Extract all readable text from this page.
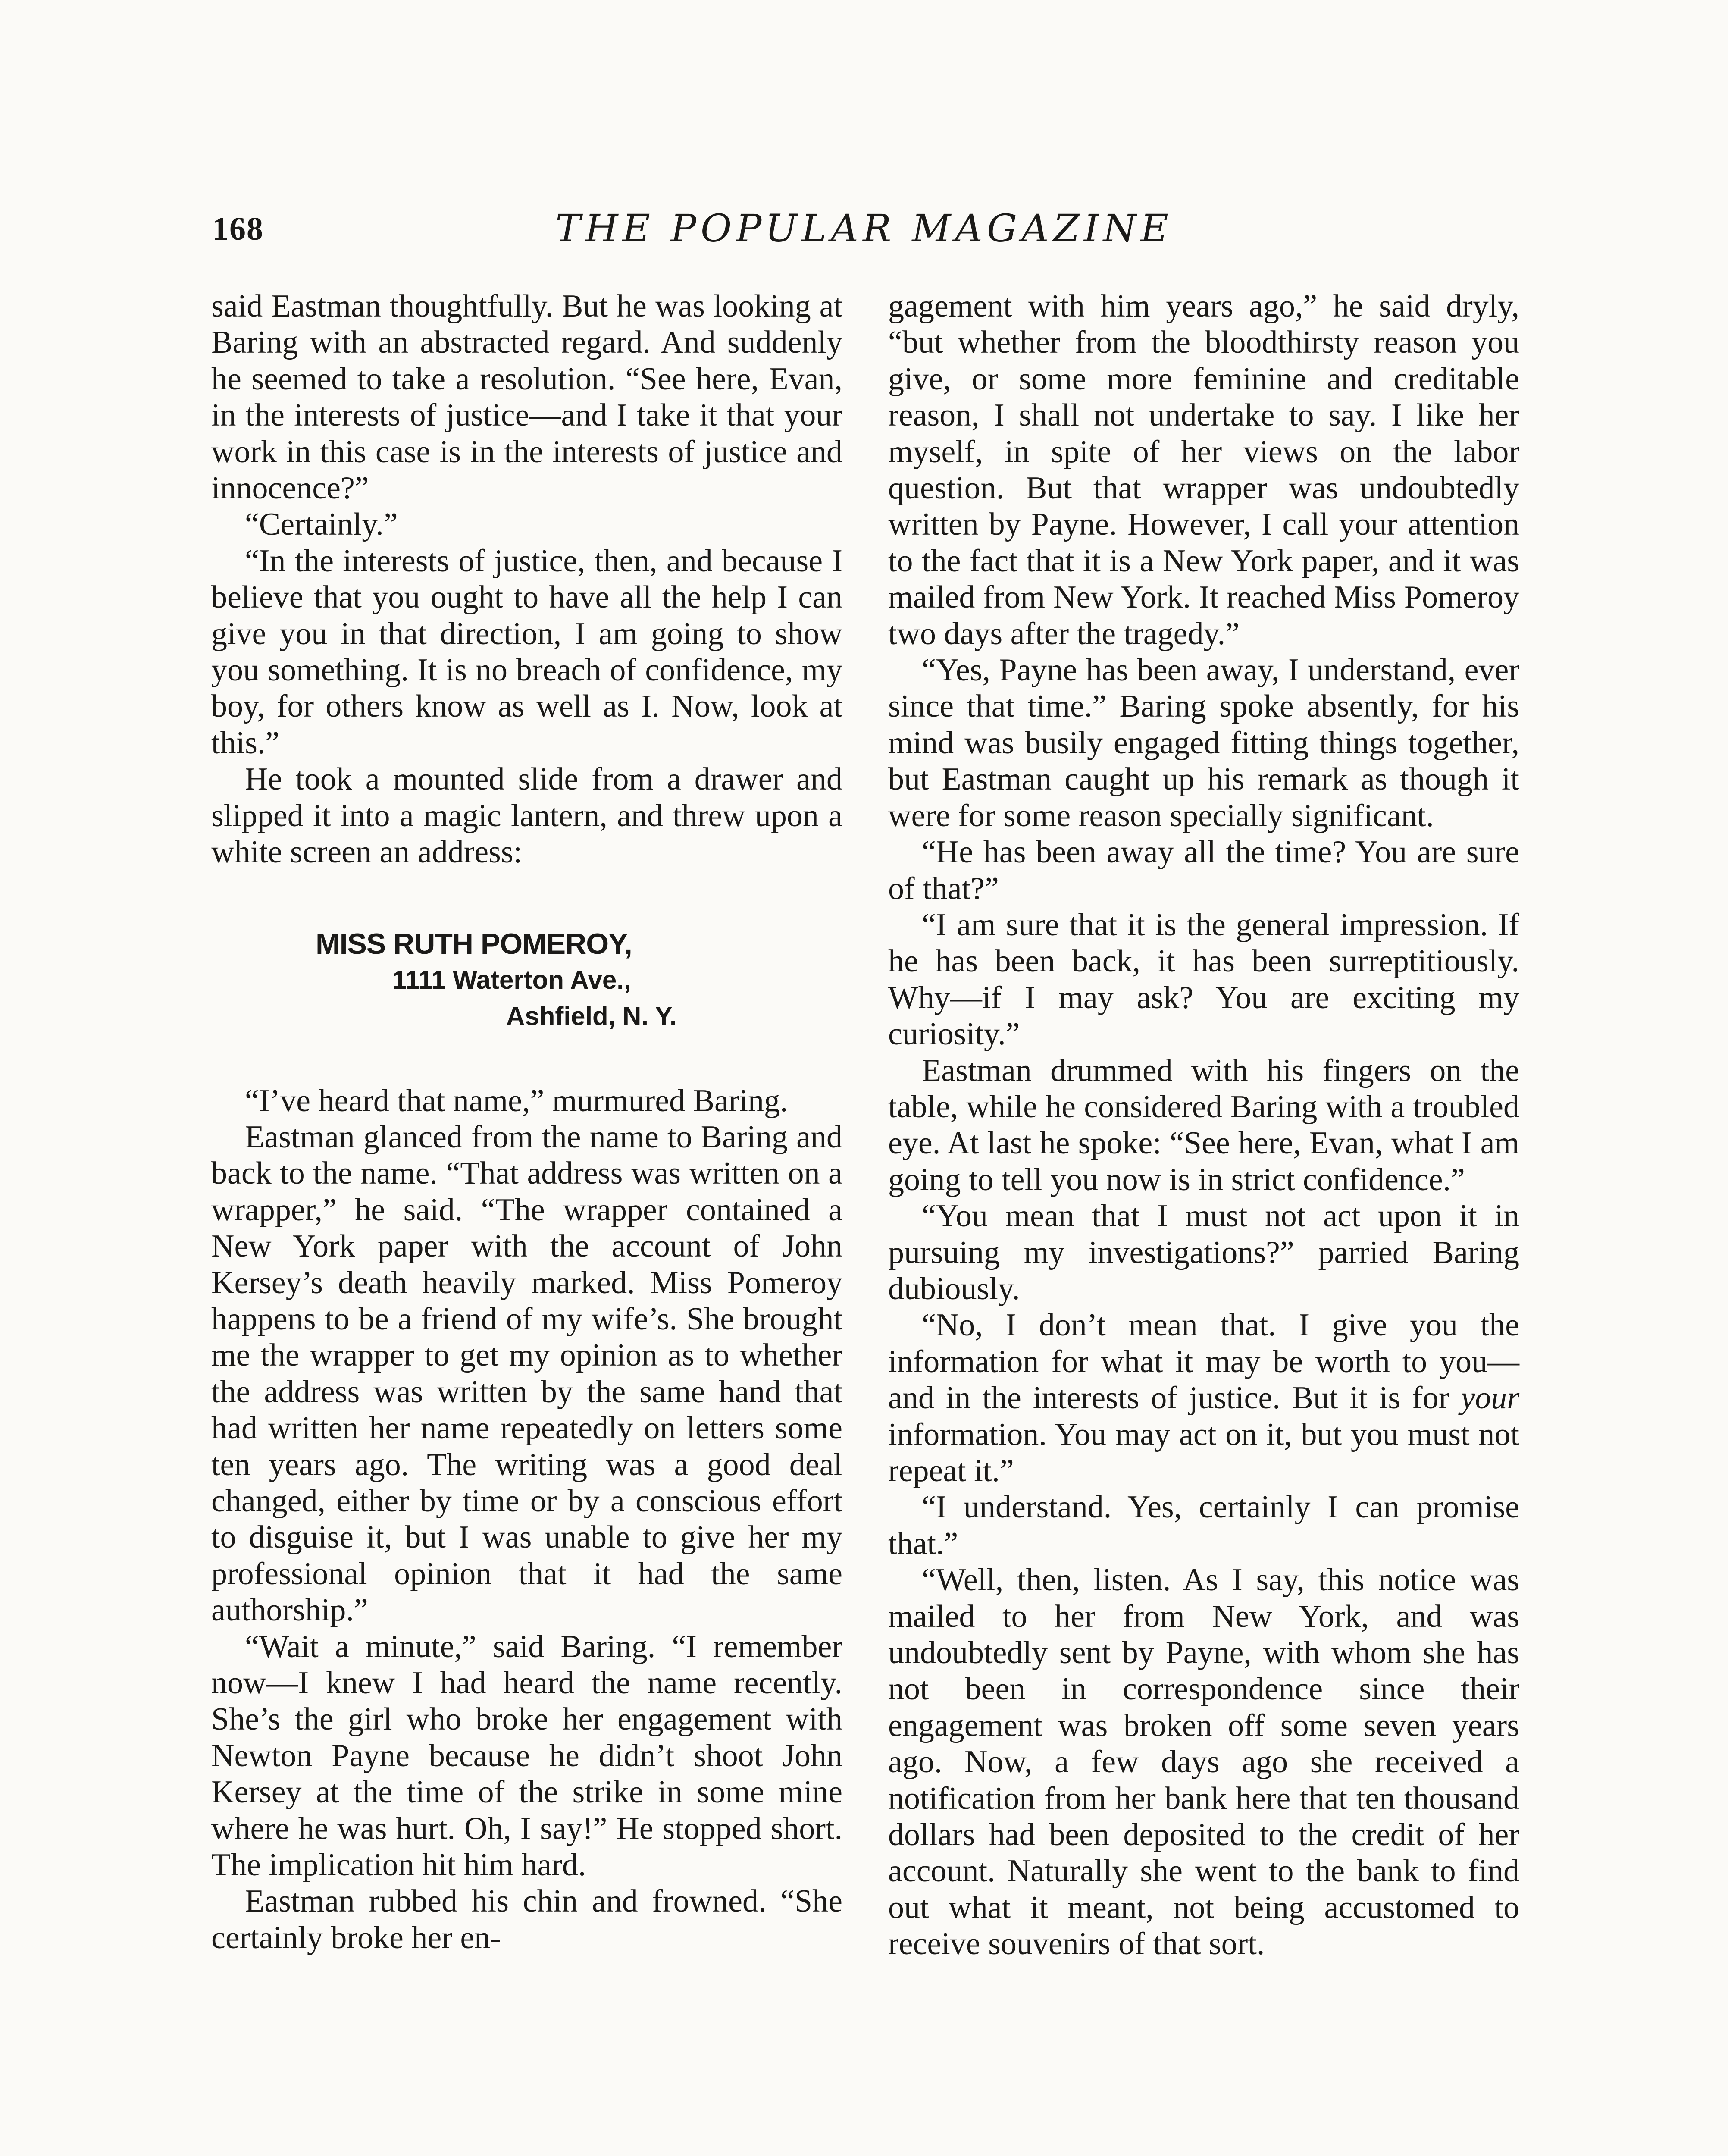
168	THE POPULAR MAGAZINE

said Eastman thoughtfully. But he was looking at Baring with an abstracted regard. And suddenly he seemed to take a resolution. “See here, Evan, in the interests of justice—and I take it that your work in this case is in the interests of justice and innocence?”

“Certainly.”

“In the interests of justice, then, and because I believe that you ought to have all the help I can give you in that direction, I am going to show you something. It is no breach of confidence, my boy, for others know as well as I. Now, look at this.”

He took a mounted slide from a drawer and slipped it into a magic lantern, and threw upon a white screen an address:

MISS RUTH POMEROY,
1111 Waterton Ave.,
Ashfield, N. Y.

“I’ve heard that name,” murmured Baring.

Eastman glanced from the name to Baring and back to the name. “That address was written on a wrapper,” he said. “The wrapper contained a New York paper with the account of John Kersey’s death heavily marked. Miss Pomeroy happens to be a friend of my wife’s. She brought me the wrapper to get my opinion as to whether the address was written by the same hand that had written her name repeatedly on letters some ten years ago. The writing was a good deal changed, either by time or by a conscious effort to disguise it, but I was unable to give her my professional opinion that it had the same authorship.”

“Wait a minute,” said Baring. “I remember now—I knew I had heard the name recently. She’s the girl who broke her engagement with Newton Payne because he didn’t shoot John Kersey at the time of the strike in some mine where he was hurt. Oh, I say!” He stopped short. The implication hit him hard.

Eastman rubbed his chin and frowned. “She certainly broke her en-

gagement with him years ago,” he said dryly, “but whether from the bloodthirsty reason you give, or some more feminine and creditable reason, I shall not undertake to say. I like her myself, in spite of her views on the labor question. But that wrapper was undoubtedly written by Payne. However, I call your attention to the fact that it is a New York paper, and it was mailed from New York. It reached Miss Pomeroy two days after the tragedy.”

“Yes, Payne has been away, I understand, ever since that time.” Baring spoke absently, for his mind was busily engaged fitting things together, but Eastman caught up his remark as though it were for some reason specially significant.

“He has been away all the time? You are sure of that?”

“I am sure that it is the general impression. If he has been back, it has been surreptitiously. Why—if I may ask? You are exciting my curiosity.”

Eastman drummed with his fingers on the table, while he considered Baring with a troubled eye. At last he spoke: “See here, Evan, what I am going to tell you now is in strict confidence.”

“You mean that I must not act upon it in pursuing my investigations?” parried Baring dubiously.

“No, I don’t mean that. I give you the information for what it may be worth to you—and in the interests of justice. But it is for your information. You may act on it, but you must not repeat it.”

“I understand. Yes, certainly I can promise that.”

“Well, then, listen. As I say, this notice was mailed to her from New York, and was undoubtedly sent by Payne, with whom she has not been in correspondence since their engagement was broken off some seven years ago. Now, a few days ago she received a notification from her bank here that ten thousand dollars had been deposited to the credit of her account. Naturally she went to the bank to find out what it meant, not being accustomed to receive souvenirs of that sort.
